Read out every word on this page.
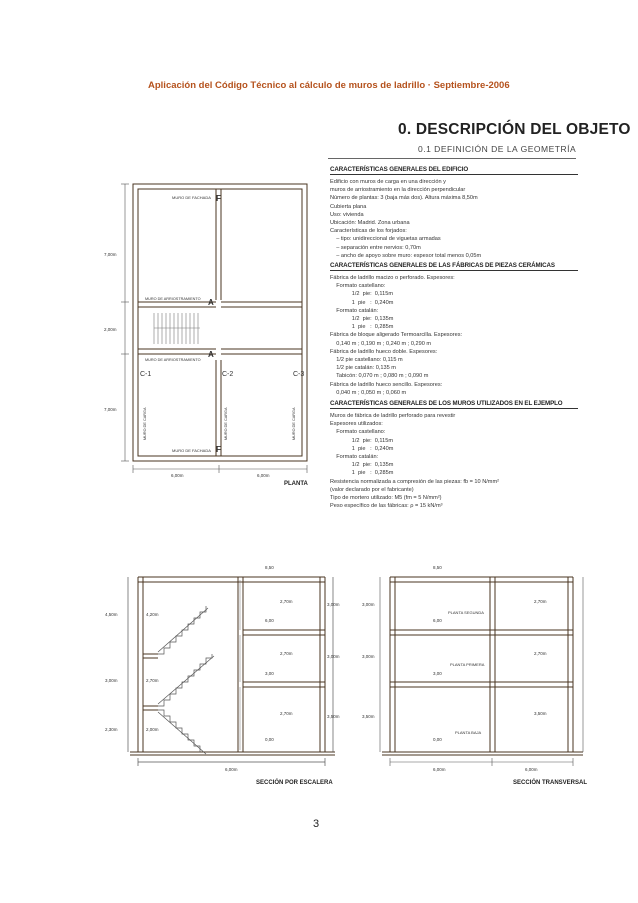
Aplicación del Código Técnico al cálculo de muros de ladrillo · Septiembre-2006
0. DESCRIPCIÓN DEL OBJETO
0.1 DEFINICIÓN DE LA GEOMETRÍA
CARACTERÍSTICAS GENERALES DEL EDIFICIO
Edificio con muros de carga en una dirección y
muros de arriostramiento en la dirección perpendicular
Número de plantas: 3 (baja más dos). Altura máxima 8,50m
Cubierta plana
Uso: vivienda
Ubicación: Madrid. Zona urbana
Características de los forjados:
– tipo: unidireccional de viguetas armadas
– separación entre nervios: 0,70m
– ancho de apoyo sobre muro: espesor total menos 0,05m
CARACTERÍSTICAS GENERALES DE LAS FÁBRICAS DE PIEZAS CERÁMICAS
Fábrica de ladrillo macizo o perforado. Espesores:
Formato castellano:
1/2  pie:  0,115m
1  pie   :  0,240m
Formato catalán:
1/2  pie:  0,135m
1  pie   :  0,285m
Fábrica de bloque aligerado Termoarcilla. Espesores:
0,140 m ; 0,190 m ; 0,240 m ; 0,290 m
Fábrica de ladrillo hueco doble. Espesores:
1/2 pie castellano: 0,115 m
1/2 pie catalán: 0,135 m
Tabicón: 0,070 m ; 0,080 m ; 0,090 m
Fábrica de ladrillo hueco sencillo. Espesores:
0,040 m ; 0,050 m ; 0,060 m
CARACTERÍSTICAS GENERALES DE LOS MUROS UTILIZADOS EN EL EJEMPLO
Muros de fábrica de ladrillo perforado para revestir
Espesores utilizados:
Formato castellano:
1/2  pie:  0,115m
1  pie   :  0,240m
Formato catalán:
1/2  pie:  0,135m
1  pie   :  0,285m
Resistencia normalizada a compresión de las piezas: fb = 10 N/mm²
(valor declarado por el fabricante)
Tipo de mortero utilizado: M5 (fm = 5 N/mm²)
Peso específico de las fábricas: ρ = 15 kN/m³
7,00m
2,00m
7,00m
6,00m	6,00m
MURO DE FACHADA F
MURO DE ARRIOSTRAMIENTO A
MURO DE ARRIOSTRAMIENTO
A
C-1	C-2	C-3
MURO DE CARGA	MURO DE CARGA	MURO DE CARGA
MURO DE FACHADA F
PLANTA
8,50
6,00
3,00
0,00
4,50m
3,00m
2,30m
4,20m
2,70m
2,00m
2,70m
2,70m
2,70m
3,00m
3,00m
3,50m
6,00m
SECCIÓN POR ESCALERA
8,50
6,00
3,00
0,00
3,00m
3,00m
3,50m
2,70m
2,70m
3,50m
PLANTA SEGUNDA
PLANTA PRIMERA
PLANTA BAJA
6,00m	6,00m
SECCIÓN TRANSVERSAL
3
